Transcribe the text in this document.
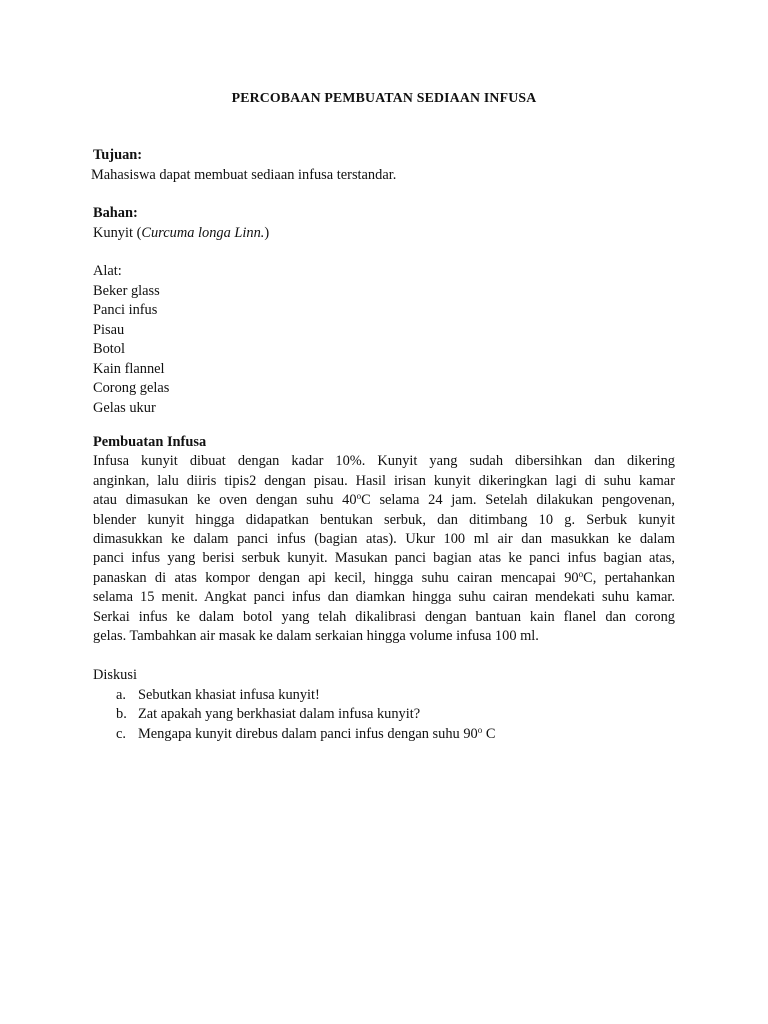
PERCOBAAN PEMBUATAN SEDIAAN INFUSA
Tujuan:
Mahasiswa dapat membuat sediaan infusa terstandar.
Bahan:
Kunyit (Curcuma longa Linn.)
Alat:
Beker glass
Panci infus
Pisau
Botol
Kain flannel
Corong gelas
Gelas ukur
Pembuatan Infusa
Infusa kunyit dibuat dengan kadar 10%. Kunyit yang sudah dibersihkan dan dikering
anginkan, lalu diiris tipis2 dengan pisau. Hasil irisan kunyit dikeringkan lagi di suhu kamar
atau dimasukan ke oven dengan suhu 40$^o$C selama 24 jam. Setelah dilakukan pengovenan,
blender kunyit hingga didapatkan bentukan serbuk, dan ditimbang 10 g. Serbuk kunyit
dimasukkan ke dalam panci infus (bagian atas). Ukur 100 ml air dan masukkan ke dalam
panci infus yang berisi serbuk kunyit. Masukan panci bagian atas ke panci infus bagian atas,
panaskan di atas kompor dengan api kecil, hingga suhu cairan mencapai 90$^o$C, pertahankan
selama 15 menit. Angkat panci infus dan diamkan hingga suhu cairan mendekati suhu kamar.
Serkai infus ke dalam botol yang telah dikalibrasi dengan bantuan kain flanel dan corong
gelas. Tambahkan air masak ke dalam serkaian hingga volume infusa 100 ml.
Diskusi
a. Sebutkan khasiat infusa kunyit!
b. Zat apakah yang berkhasiat dalam infusa kunyit?
c. Mengapa kunyit direbus dalam panci infus dengan suhu 90$^o$ C
